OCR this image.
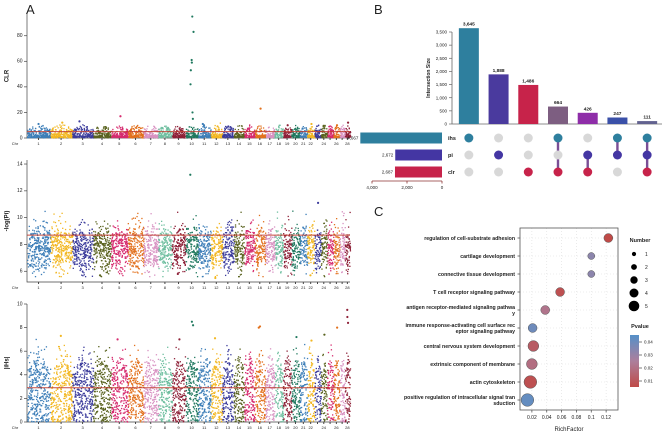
B
C
0
500
1,000
1,500
2,000
2,500
3,000
3,500
Intersection Size
3,645
1,888
1,486
664
426
247
111
4,667	ihs
2,672	pi
2,687	clr
4,000	2,000	0
0.02 0.04 0.06 0.08 0.1 0.12
RichFactor
regulation of cell-substrate adhesion
cartilage development
connective tissue development
T cell receptor signaling pathway
antigen receptor-mediated signaling pathwa y
immune response-activating cell surface rec eptor signaling pathway
central nervous system development
extrinsic component of membrane
actin cytoskeleton
positive regulation of intracellular signal tran sduction
Number
1
2
3
4
5
Pvalue
0.04
0.03
0.02
0.01
